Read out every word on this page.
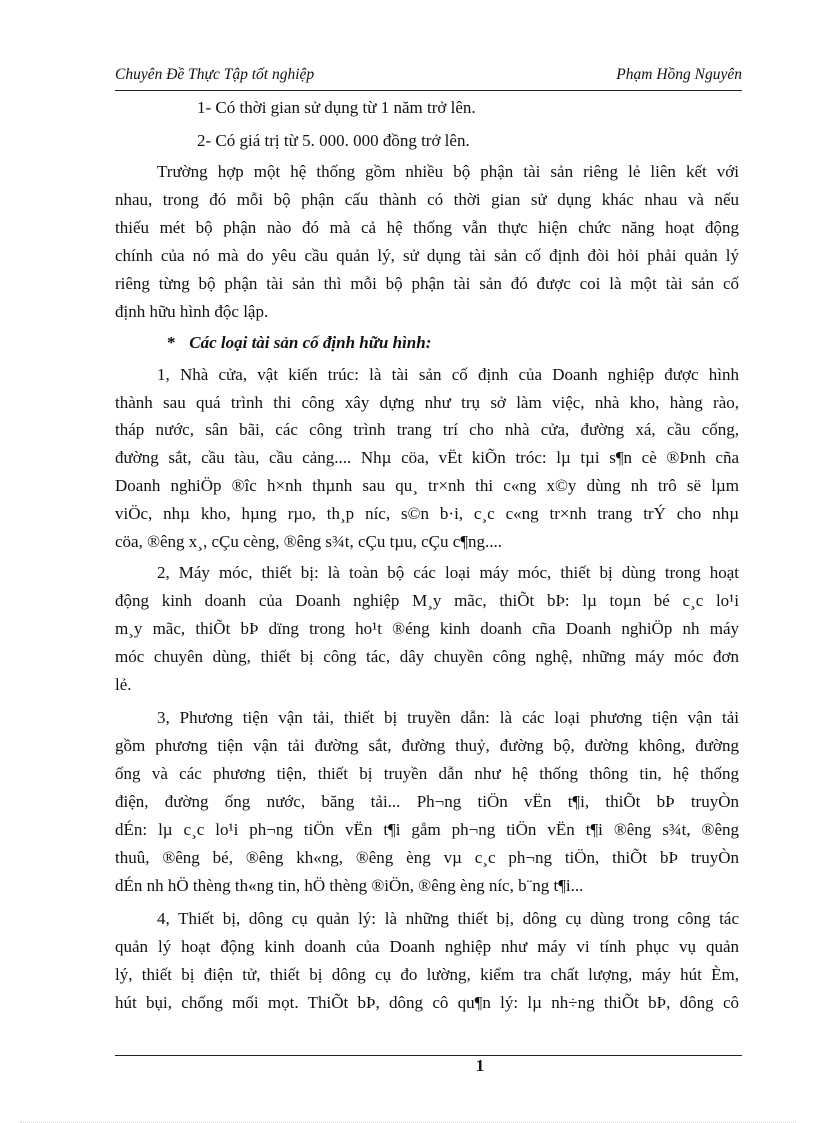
Chuyên Đề Thực Tập tốt nghiệp	Phạm Hồng Nguyên
1- Có thời gian sử dụng từ 1 năm trở lên.
2- Có giá trị từ 5. 000. 000 đồng trở lên.
Trường hợp một hệ thống gồm nhiều bộ phận tài sản riêng lẻ liên kết với
nhau, trong đó mỗi bộ phận cấu thành có thời gian sử dụng khác nhau và nếu
thiếu mét bộ phận nào đó mà cả hệ thống vẫn thực hiện chức năng hoạt động
chính của nó mà do yêu cầu quản lý, sử dụng tài sản cố định đòi hỏi phải quản lý
riêng từng bộ phận tài sản thì mỗi bộ phận tài sản đó được coi là một tài sản cố
định hữu hình độc lập.
* Các loại tài sản cố định hữu hình:
1, Nhà cửa, vật kiến trúc: là tài sản cố định của Doanh nghiệp được hình
thành sau quá trình thi công xây dựng như trụ sở làm việc, nhà kho, hàng rào,
tháp nước, sân bãi, các công trình trang trí cho nhà cửa, đường xá, cầu cống,
đường sắt, cầu tàu, cầu cảng.... Nhµ cöa, vËt kiÕn tróc: lµ tµi s¶n cè ®Þnh cña
Doanh nghiÖp ®îc h×nh thµnh sau qu¸ tr×nh thi c«ng x©y dùng nh trô së lµm
viÖc, nhµ kho, hµng rµo, th¸p níc, s©n b·i, c¸c c«ng tr×nh trang trÝ cho nhµ
cöa, ®êng x¸, cÇu cèng, ®êng s¾t, cÇu tµu, cÇu c¶ng....
2, Máy móc, thiết bị: là toàn bộ các loại máy móc, thiết bị dùng trong hoạt
động kinh doanh của Doanh nghiệp M¸y mãc, thiÕt bÞ: lµ toµn bé c¸c lo¹i
m¸y mãc, thiÕt bÞ dïng trong ho¹t ®éng kinh doanh cña Doanh nghiÖp nh máy
móc chuyên dùng, thiết bị công tác, dây chuyền công nghệ, những máy móc đơn
lẻ.
3, Phương tiện vận tải, thiết bị truyền dẫn: là các loại phương tiện vận tải
gồm phương tiện vận tải đường sắt, đường thuỷ, đường bộ, đường không, đường
ống và các phương tiện, thiết bị truyền dẫn như hệ thống thông tin, hệ thống
điện, đường ống nước, băng tải... Ph¬ng tiÖn vËn t¶i, thiÕt bÞ truyÒn
dÉn: lµ c¸c lo¹i ph¬ng tiÖn vËn t¶i gåm ph¬ng tiÖn vËn t¶i ®êng s¾t, ®êng
thuû, ®êng bé, ®êng kh«ng, ®êng èng vµ c¸c ph¬ng tiÖn, thiÕt bÞ truyÒn
dÉn nh hÖ thèng th«ng tin, hÖ thèng ®iÖn, ®êng èng níc, b¨ng t¶i...
4, Thiết bị, dông cụ quản lý: là những thiết bị, dông cụ dùng trong công tác
quản lý hoạt động kinh doanh của Doanh nghiệp như máy vi tính phục vụ quản
lý, thiết bị điện tử, thiết bị dông cụ đo lường, kiểm tra chất lượng, máy hút Èm,
hút bụi, chống mối mọt. ThiÕt bÞ, dông cô qu¶n lý: lµ nh÷ng thiÕt bÞ, dông cô
1
